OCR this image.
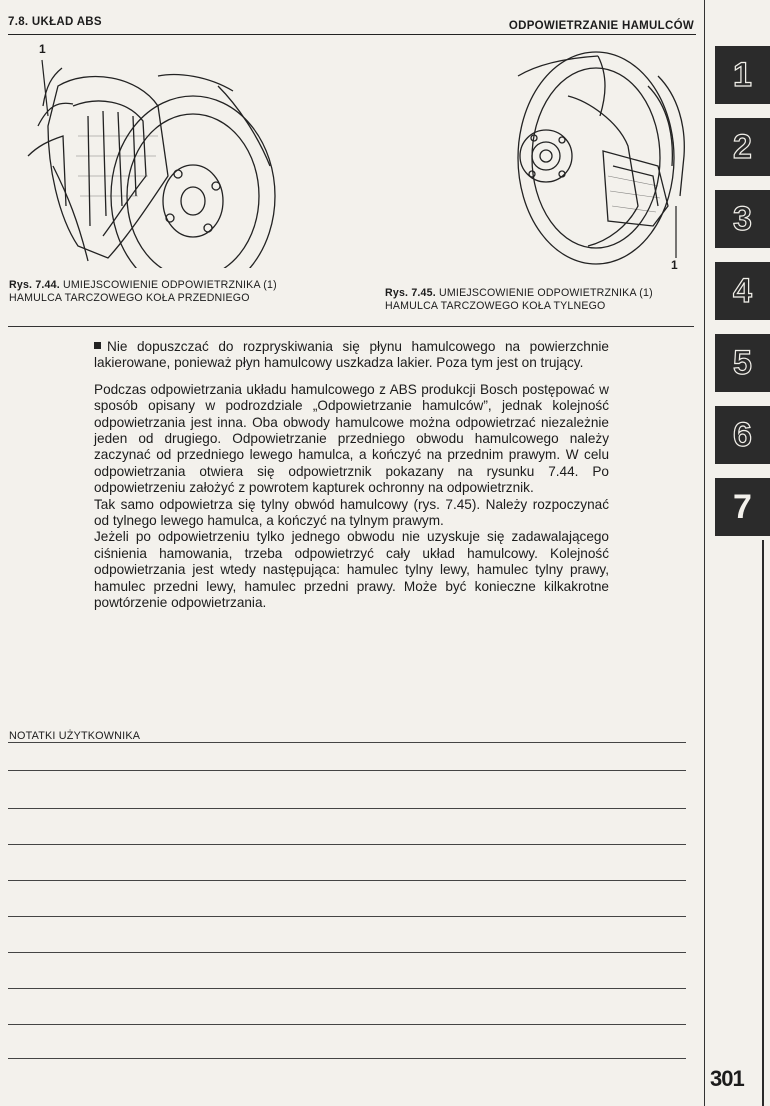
7.8. UKŁAD ABS	ODPOWIETRZANIE HAMULCÓW
1
1
Rys. 7.44. UMIEJSCOWIENIE ODPOWIETRZNIKA (1)
HAMULCA TARCZOWEGO KOŁA PRZEDNIEGO	Rys. 7.45. UMIEJSCOWIENIE ODPOWIETRZNIKA (1)
HAMULCA TARCZOWEGO KOŁA TYLNEGO

Nie dopuszczać do rozpryskiwania się płynu hamulcowego na powierzchnie lakierowane, ponieważ płyn hamulcowy uszkadza lakier. Poza tym jest on trujący.

Podczas odpowietrzania układu hamulcowego z ABS produkcji Bosch postępować w sposób opisany w podrozdziale „Odpowietrzanie hamulców”, jednak kolejność odpowietrzania jest inna. Oba obwody hamulcowe można odpowietrzać niezależnie jeden od drugiego. Odpowietrzanie przedniego obwodu hamulcowego należy zaczynać od przedniego lewego hamulca, a kończyć na przednim prawym. W celu odpowietrzania otwiera się odpowietrznik pokazany na rysunku 7.44. Po odpowietrzeniu założyć z powrotem kapturek ochronny na odpowietrznik.

Tak samo odpowietrza się tylny obwód hamulcowy (rys. 7.45). Należy rozpoczynać od tylnego lewego hamulca, a kończyć na tylnym prawym.

Jeżeli po odpowietrzeniu tylko jednego obwodu nie uzyskuje się zadawalającego ciśnienia hamowania, trzeba odpowietrzyć cały układ hamulcowy. Kolejność odpowietrzania jest wtedy następująca: hamulec tylny lewy, hamulec tylny prawy, hamulec przedni lewy, hamulec przedni prawy. Może być konieczne kilkakrotne powtórzenie odpowietrzania.

NOTATKI UŻYTKOWNIKA
1
2
3
4
5
6
7
301
